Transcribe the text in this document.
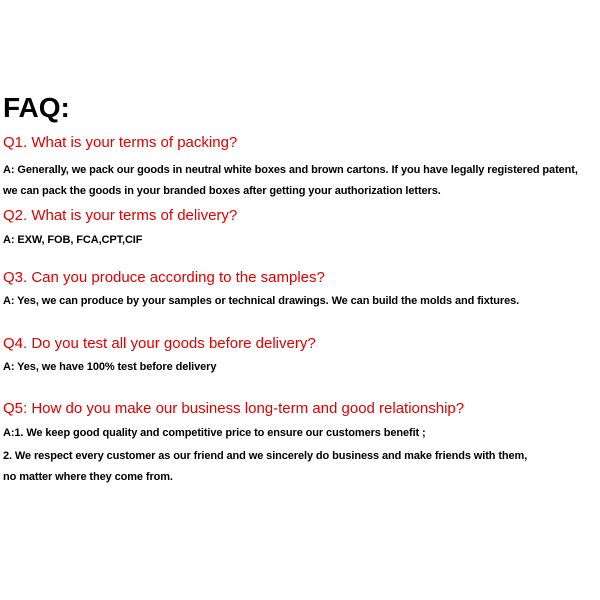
FAQ:
Q1. What is your terms of packing?
A: Generally, we pack our goods in neutral white boxes and brown cartons. If you have legally registered patent,
we can pack the goods in your branded boxes after getting your authorization letters.
Q2. What is your terms of delivery?
A: EXW, FOB, FCA,CPT,CIF
Q3. Can you produce according to the samples?
A: Yes, we can produce by your samples or technical drawings. We can build the molds and fixtures.
Q4. Do you test all your goods before delivery?
A: Yes, we have 100% test before delivery
Q5: How do you make our business long-term and good relationship?
A:1. We keep good quality and competitive price to ensure our customers benefit ;
2. We respect every customer as our friend and we sincerely do business and make friends with them,
no matter where they come from.
